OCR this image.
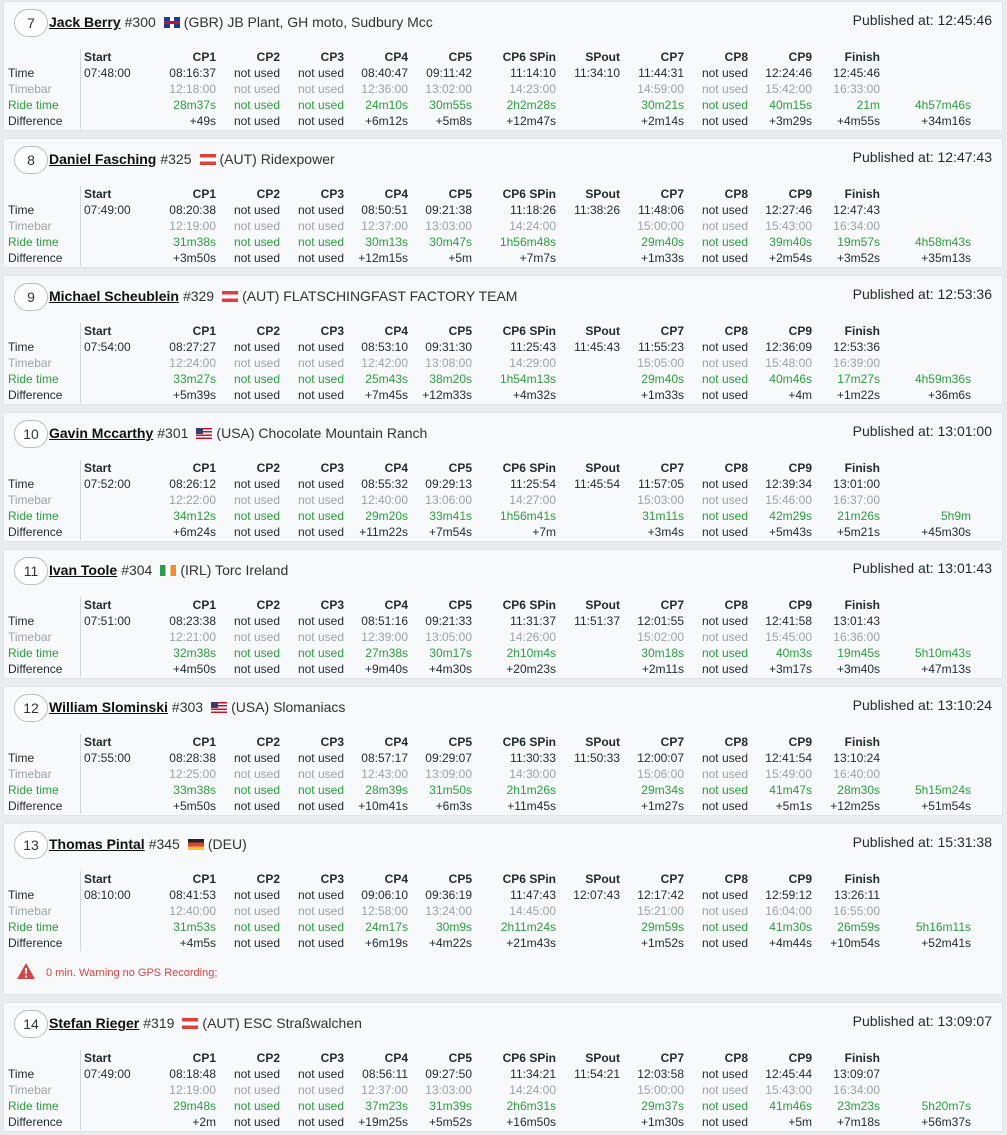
7	Jack Berry #300 (GBR) JB Plant, GH moto, Sudbury Mcc	Published at: 12:45:46
	Start	CP1	CP2	CP3	CP4	CP5	CP6 SPin	SPout	CP7	CP8	CP9	Finish	
Time	07:48:00	08:16:37	not used	not used	08:40:47	09:11:42	11:14:10	11:34:10	11:44:31	not used	12:24:46	12:45:46	
Timebar		12:18:00	not used	not used	12:36:00	13:02:00	14:23:00		14:59:00	not used	15:42:00	16:33:00	
Ride time		28m37s	not used	not used	24m10s	30m55s	2h2m28s		30m21s	not used	40m15s	21m	4h57m46s
Difference		+49s	not used	not used	+6m12s	+5m8s	+12m47s		+2m14s	not used	+3m29s	+4m55s	+34m16s
8	Daniel Fasching #325 (AUT) Ridexpower	Published at: 12:47:43
	Start	CP1	CP2	CP3	CP4	CP5	CP6 SPin	SPout	CP7	CP8	CP9	Finish	
Time	07:49:00	08:20:38	not used	not used	08:50:51	09:21:38	11:18:26	11:38:26	11:48:06	not used	12:27:46	12:47:43	
Timebar		12:19:00	not used	not used	12:37:00	13:03:00	14:24:00		15:00:00	not used	15:43:00	16:34:00	
Ride time		31m38s	not used	not used	30m13s	30m47s	1h56m48s		29m40s	not used	39m40s	19m57s	4h58m43s
Difference		+3m50s	not used	not used	+12m15s	+5m	+7m7s		+1m33s	not used	+2m54s	+3m52s	+35m13s
9	Michael Scheublein #329 (AUT) FLATSCHINGFAST FACTORY TEAM	Published at: 12:53:36
	Start	CP1	CP2	CP3	CP4	CP5	CP6 SPin	SPout	CP7	CP8	CP9	Finish	
Time	07:54:00	08:27:27	not used	not used	08:53:10	09:31:30	11:25:43	11:45:43	11:55:23	not used	12:36:09	12:53:36	
Timebar		12:24:00	not used	not used	12:42:00	13:08:00	14:29:00		15:05:00	not used	15:48:00	16:39:00	
Ride time		33m27s	not used	not used	25m43s	38m20s	1h54m13s		29m40s	not used	40m46s	17m27s	4h59m36s
Difference		+5m39s	not used	not used	+7m45s	+12m33s	+4m32s		+1m33s	not used	+4m	+1m22s	+36m6s
10 Gavin Mccarthy #301 (USA) Chocolate Mountain Ranch	Published at: 13:01:00
	Start	CP1	CP2	CP3	CP4	CP5	CP6 SPin	SPout	CP7	CP8	CP9	Finish	
Time	07:52:00	08:26:12	not used	not used	08:55:32	09:29:13	11:25:54	11:45:54	11:57:05	not used	12:39:34	13:01:00	
Timebar		12:22:00	not used	not used	12:40:00	13:06:00	14:27:00		15:03:00	not used	15:46:00	16:37:00	
Ride time		34m12s	not used	not used	29m20s	33m41s	1h56m41s		31m11s	not used	42m29s	21m26s	5h9m
Difference		+6m24s	not used	not used	+11m22s	+7m54s	+7m		+3m4s	not used	+5m43s	+5m21s	+45m30s
11 Ivan Toole #304 (IRL) Torc Ireland	Published at: 13:01:43
	Start	CP1	CP2	CP3	CP4	CP5	CP6 SPin	SPout	CP7	CP8	CP9	Finish	
Time	07:51:00	08:23:38	not used	not used	08:51:16	09:21:33	11:31:37	11:51:37	12:01:55	not used	12:41:58	13:01:43	
Timebar		12:21:00	not used	not used	12:39:00	13:05:00	14:26:00		15:02:00	not used	15:45:00	16:36:00	
Ride time		32m38s	not used	not used	27m38s	30m17s	2h10m4s		30m18s	not used	40m3s	19m45s	5h10m43s
Difference		+4m50s	not used	not used	+9m40s	+4m30s	+20m23s		+2m11s	not used	+3m17s	+3m40s	+47m13s
12 William Slominski #303 (USA) Slomaniacs	Published at: 13:10:24
	Start	CP1	CP2	CP3	CP4	CP5	CP6 SPin	SPout	CP7	CP8	CP9	Finish	
Time	07:55:00	08:28:38	not used	not used	08:57:17	09:29:07	11:30:33	11:50:33	12:00:07	not used	12:41:54	13:10:24	
Timebar		12:25:00	not used	not used	12:43:00	13:09:00	14:30:00		15:06:00	not used	15:49:00	16:40:00	
Ride time		33m38s	not used	not used	28m39s	31m50s	2h1m26s		29m34s	not used	41m47s	28m30s	5h15m24s
Difference		+5m50s	not used	not used	+10m41s	+6m3s	+11m45s		+1m27s	not used	+5m1s	+12m25s	+51m54s
13 Thomas Pintal #345 (DEU)	Published at: 15:31:38
	Start	CP1	CP2	CP3	CP4	CP5	CP6 SPin	SPout	CP7	CP8	CP9	Finish	
Time	08:10:00	08:41:53	not used	not used	09:06:10	09:36:19	11:47:43	12:07:43	12:17:42	not used	12:59:12	13:26:11	
Timebar		12:40:00	not used	not used	12:58:00	13:24:00	14:45:00		15:21:00	not used	16:04:00	16:55:00	
Ride time		31m53s	not used	not used	24m17s	30m9s	2h11m24s		29m59s	not used	41m30s	26m59s	5h16m11s
Difference		+4m5s	not used	not used	+6m19s	+4m22s	+21m43s		+1m52s	not used	+4m44s	+10m54s	+52m41s
0 min. Warning no GPS Recording;
14 Stefan Rieger #319 (AUT) ESC Straßwalchen	Published at: 13:09:07
	Start	CP1	CP2	CP3	CP4	CP5	CP6 SPin	SPout	CP7	CP8	CP9	Finish	
Time	07:49:00	08:18:48	not used	not used	08:56:11	09:27:50	11:34:21	11:54:21	12:03:58	not used	12:45:44	13:09:07	
Timebar		12:19:00	not used	not used	12:37:00	13:03:00	14:24:00		15:00:00	not used	15:43:00	16:34:00	
Ride time		29m48s	not used	not used	37m23s	31m39s	2h6m31s		29m37s	not used	41m46s	23m23s	5h20m7s
Difference		+2m	not used	not used	+19m25s	+5m52s	+16m50s		+1m30s	not used	+5m	+7m18s	+56m37s
